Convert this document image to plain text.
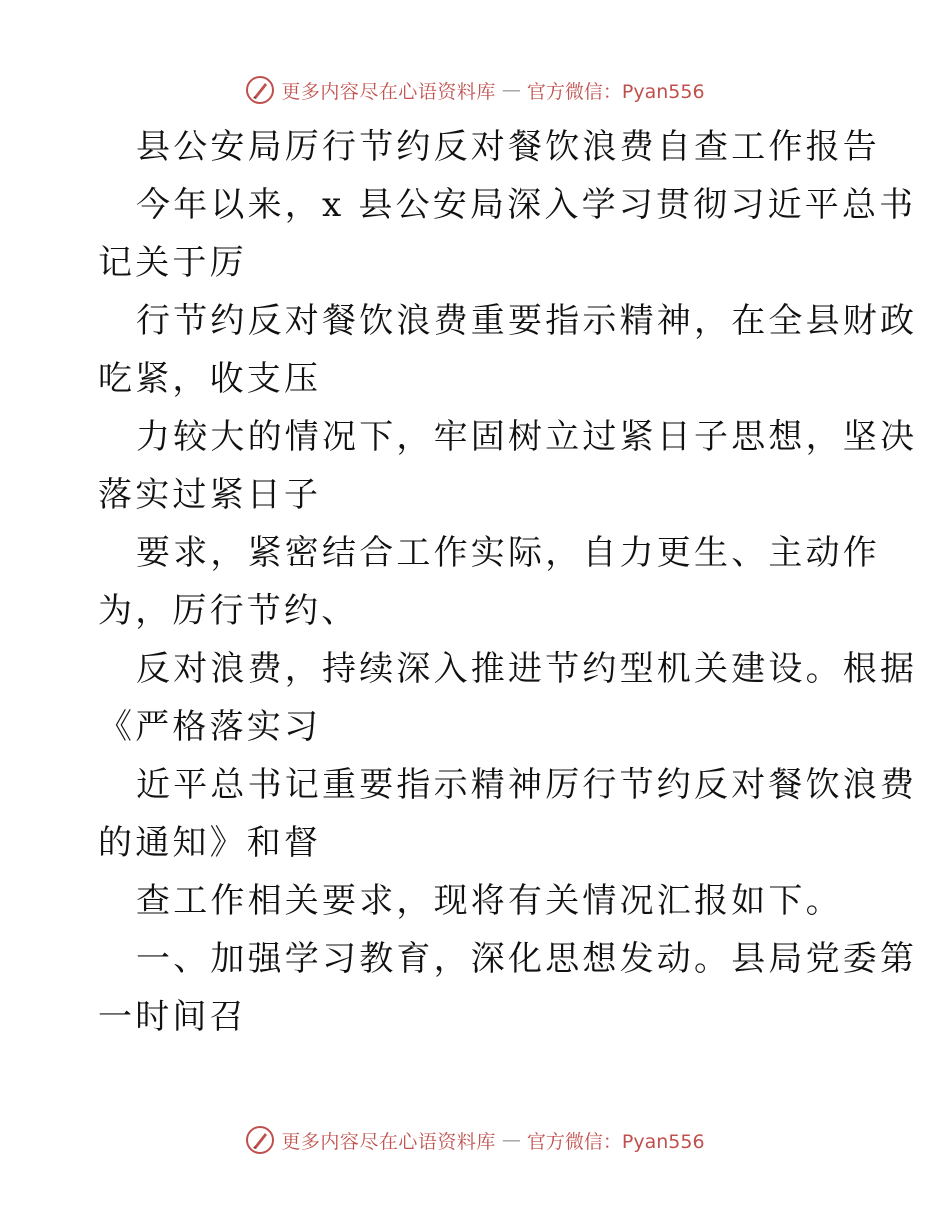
更多内容尽在心语资料库 — 官方微信：Pyan556
县公安局厉行节约反对餐饮浪费自查工作报告
今年以来，x 县公安局深入学习贯彻习近平总书
记关于厉
行节约反对餐饮浪费重要指示精神，在全县财政
吃紧，收支压
力较大的情况下，牢固树立过紧日子思想，坚决
落实过紧日子
要求，紧密结合工作实际，自力更生、主动作
为，厉行节约、
反对浪费，持续深入推进节约型机关建设。根据
《严格落实习
近平总书记重要指示精神厉行节约反对餐饮浪费
的通知》和督
查工作相关要求，现将有关情况汇报如下。
一、加强学习教育，深化思想发动。县局党委第
一时间召
更多内容尽在心语资料库 — 官方微信：Pyan556
